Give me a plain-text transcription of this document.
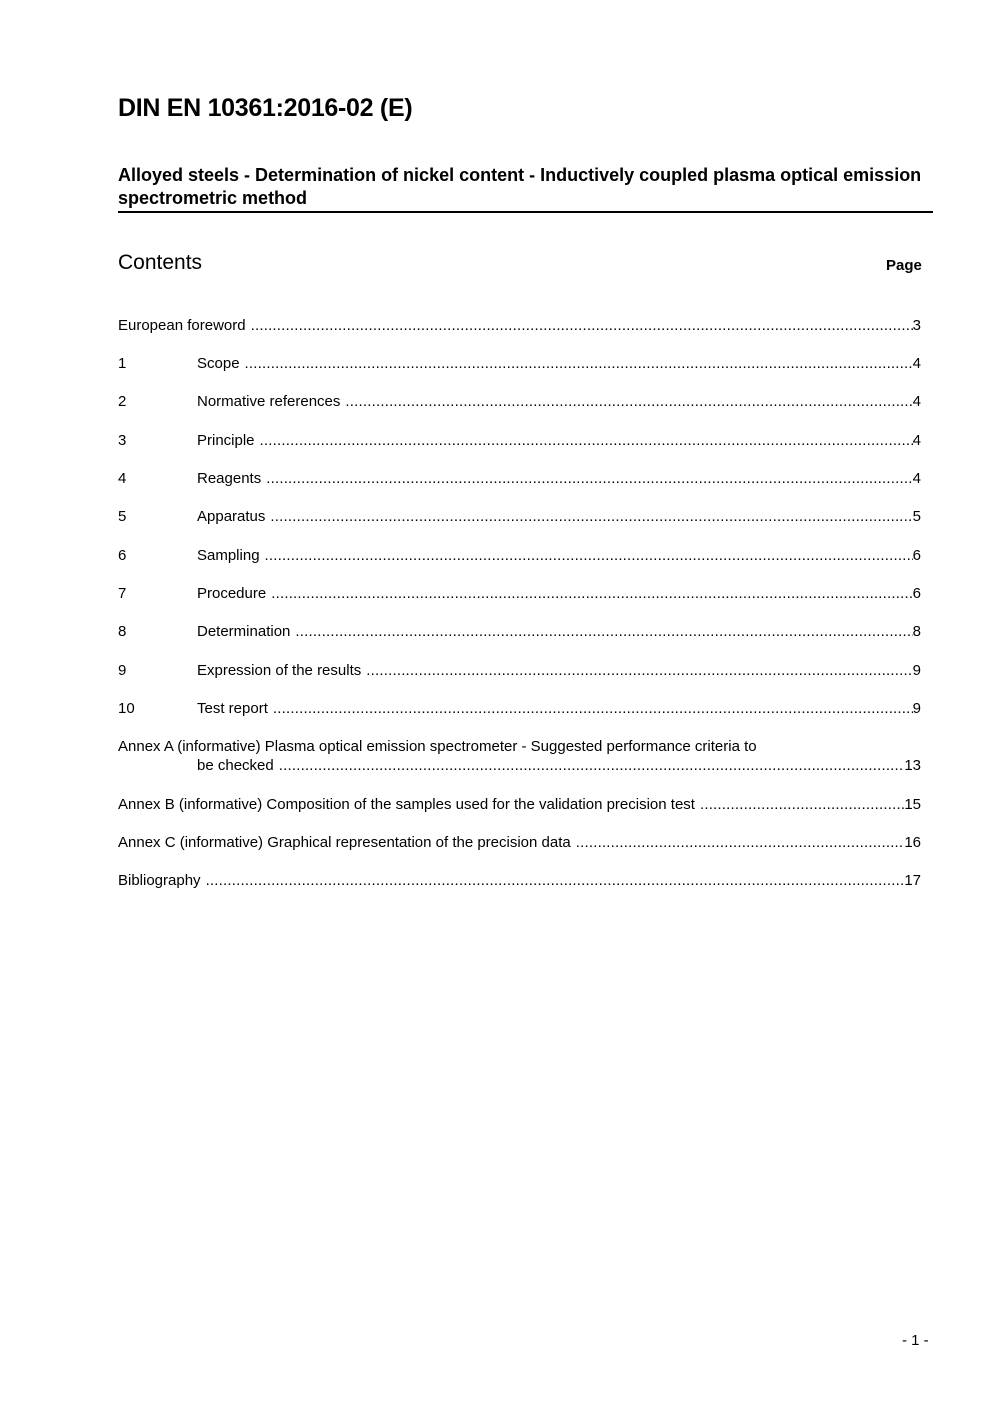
DIN EN 10361:2016-02 (E)
Alloyed steels - Determination of nickel content - Inductively coupled plasma optical emission spectrometric method
Contents	Page
European foreword .....	3
1	Scope .....	4
2	Normative references .....	4
3	Principle .....	4
4	Reagents .....	4
5	Apparatus .....	5
6	Sampling .....	6
7	Procedure .....	6
8	Determination .....	8
9	Expression of the results .....	9
10	Test report .....	9
Annex A (informative) Plasma optical emission spectrometer - Suggested performance criteria to
be checked .....	13
Annex B (informative) Composition of the samples used for the validation precision test .....	15
Annex C (informative) Graphical representation of the precision data .....	16
Bibliography .....	17
- 1 -
